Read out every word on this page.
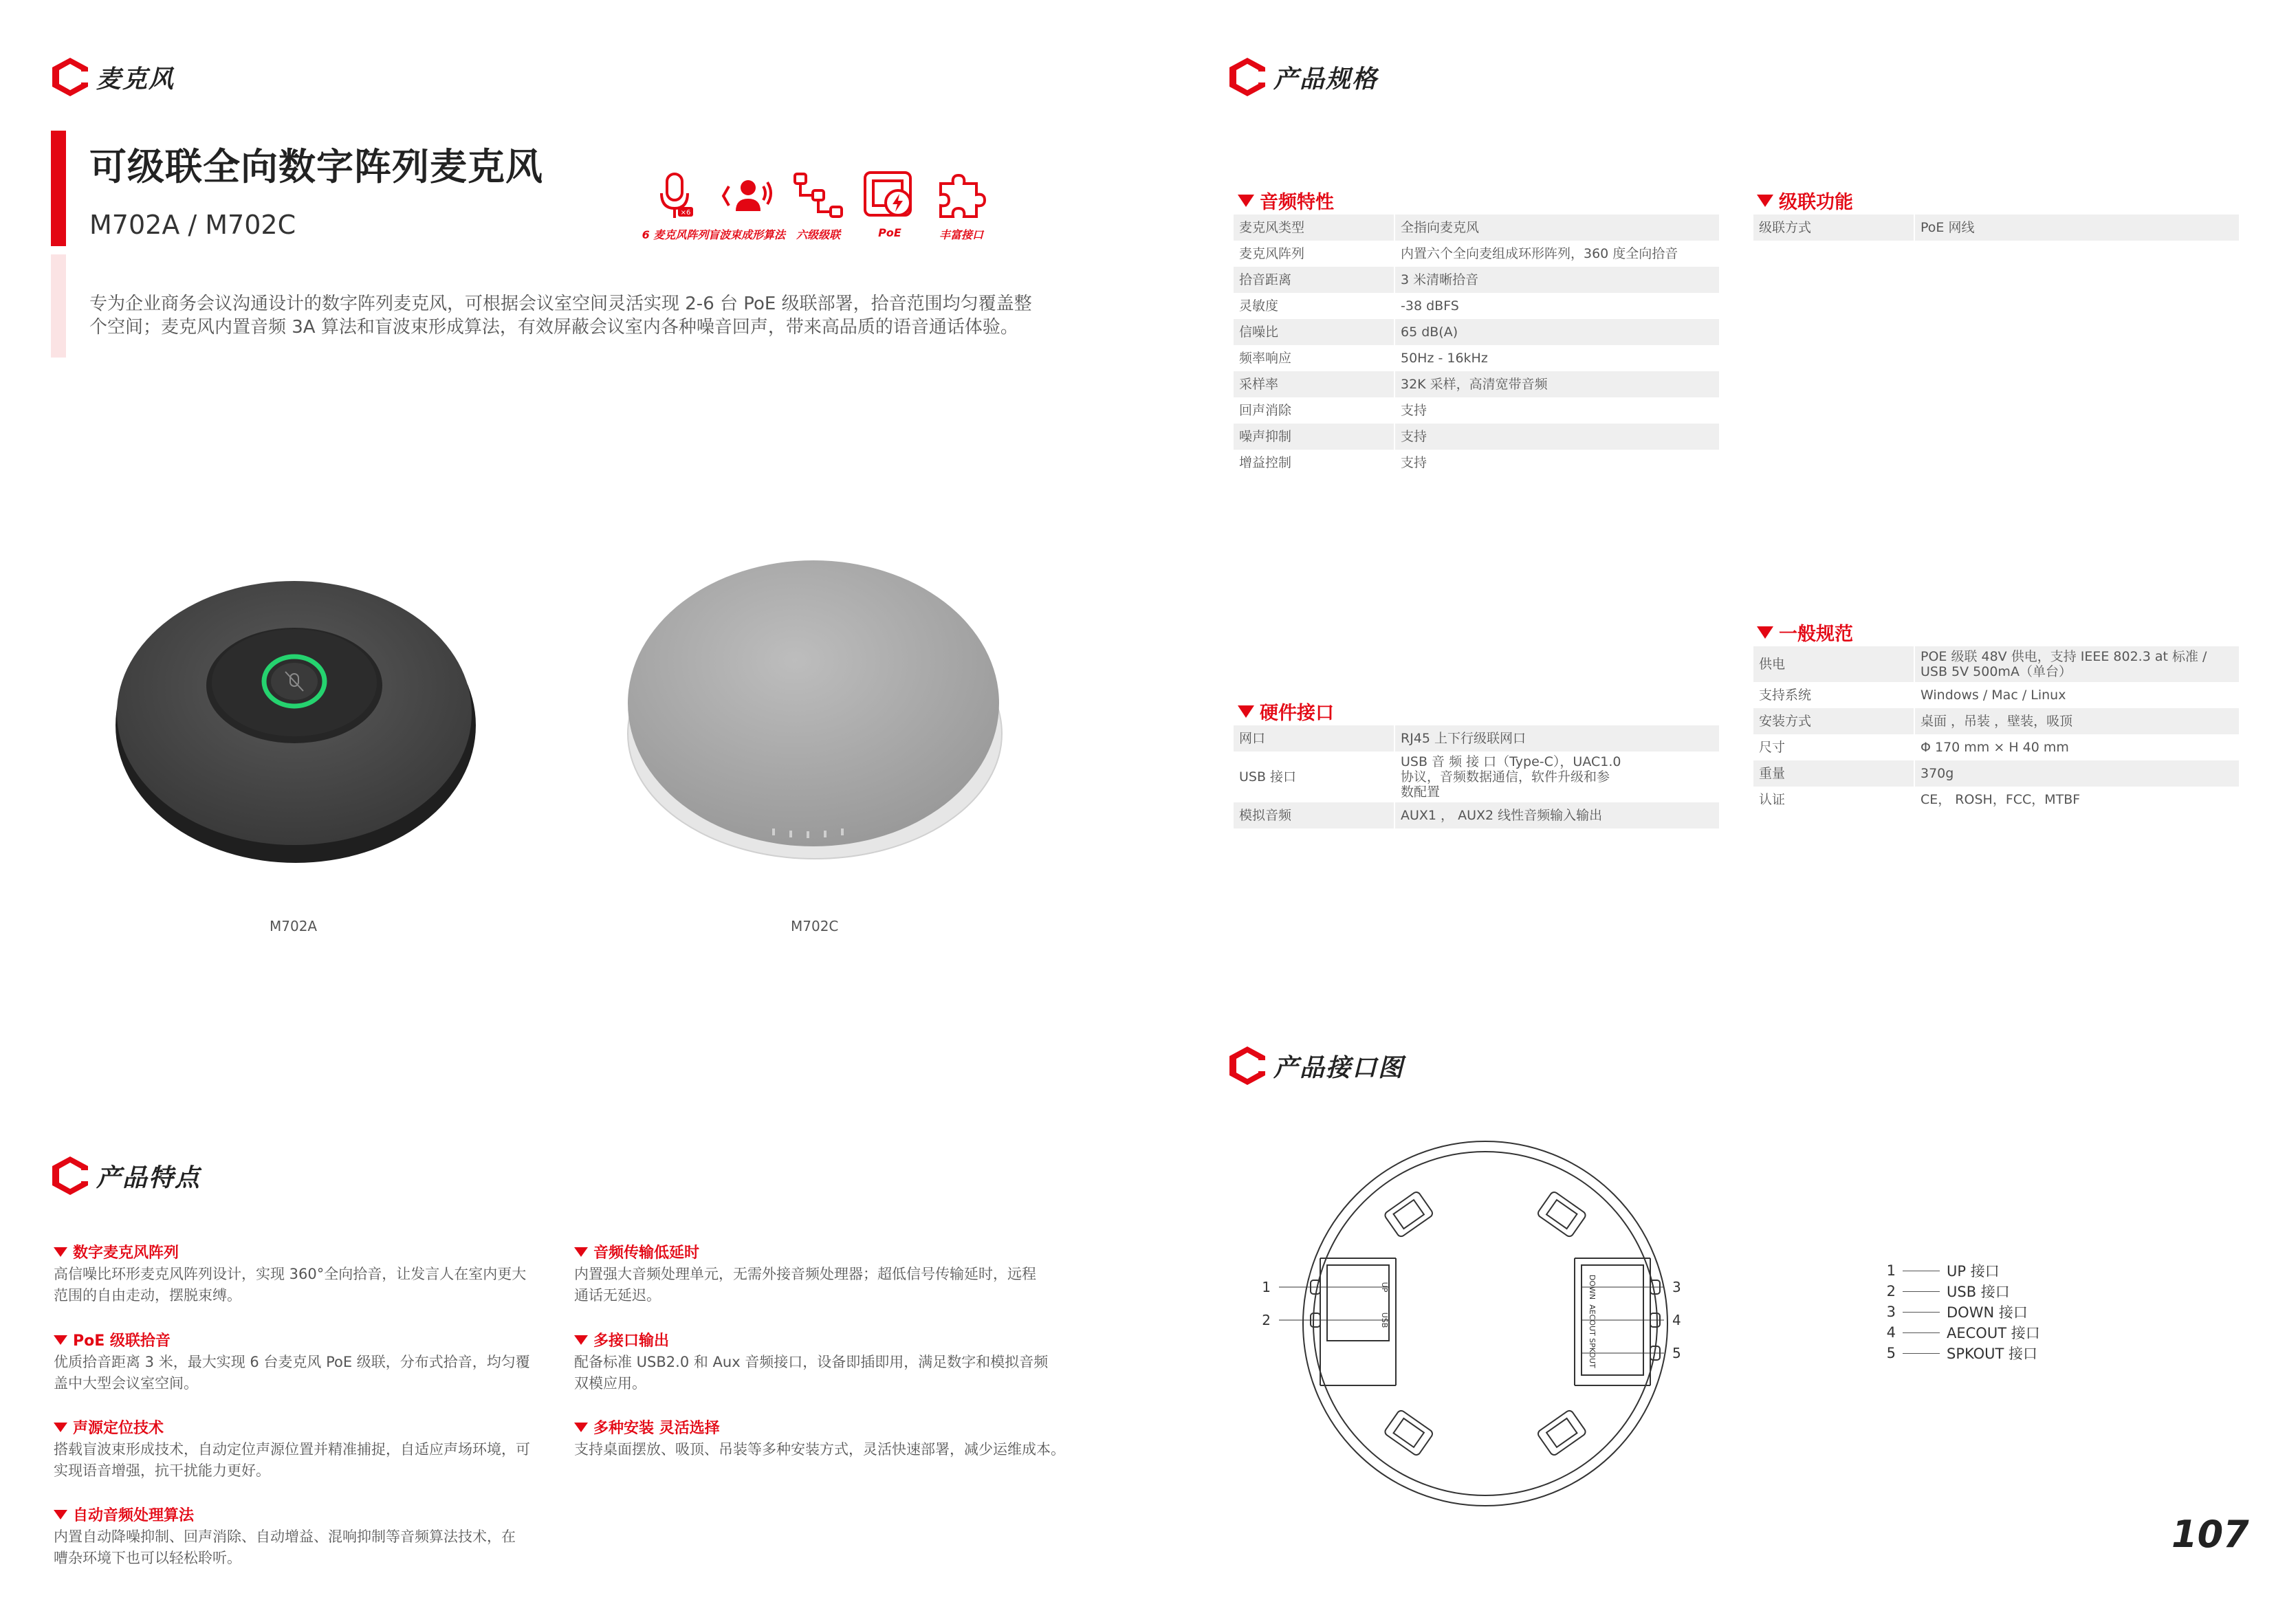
麦克风
可级联全向数字阵列麦克风
M702A / M702C	×6
6 麦克风阵列 盲波束成形算法 六级级联	PoE	丰富接口
专为企业商务会议沟通设计的数字阵列麦克风，可根据会议室空间灵活实现 2-6 台 PoE 级联部署，拾音范围均匀覆盖整
个空间；麦克风内置音频 3A 算法和盲波束形成算法，有效屏蔽会议室内各种噪音回声，带来高品质的语音通话体验。
M702A	M702C
产品特点
数字麦克风阵列
高信噪比环形麦克风阵列设计，实现 360°全向拾音，让发言人在室内更大
范围的自由走动，摆脱束缚。
PoE 级联拾音
优质拾音距离 3 米，最大实现 6 台麦克风 PoE 级联，分布式拾音，均匀覆
盖中大型会议室空间。
声源定位技术
搭载盲波束形成技术，自动定位声源位置并精准捕捉，自适应声场环境，可
实现语音增强，抗干扰能力更好。
自动音频处理算法
内置自动降噪抑制、回声消除、自动增益、混响抑制等音频算法技术，在
嘈杂环境下也可以轻松聆听。
音频传输低延时
内置强大音频处理单元，无需外接音频处理器；超低信号传输延时，远程
通话无延迟。
多接口输出
配备标准 USB2.0 和 Aux 音频接口，设备即插即用，满足数字和模拟音频
双模应用。
多种安装 灵活选择
支持桌面摆放、吸顶、吊装等多种安装方式，灵活快速部署，减少运维成本。
产品规格
音频特性
麦克风类型	全指向麦克风
麦克风阵列	内置六个全向麦组成环形阵列，360 度全向拾音
拾音距离	3 米清晰拾音
灵敏度	-38 dBFS
信噪比	65 dB(A)
频率响应	50Hz - 16kHz
采样率	32K 采样，高清宽带音频
回声消除	支持
噪声抑制	支持
增益控制	支持
级联功能
级联方式	PoE 网线
硬件接口
网口	RJ45 上下行级联网口
USB 接口	USB 音 频 接 口（Type-C），UAC1.0
协议，音频数据通信，软件升级和参
数配置
模拟音频	AUX1 ， AUX2 线性音频输入输出
一般规范
供电	POE 级联 48V 供电，支持 IEEE 802.3 at 标准 /
USB 5V 500mA（单台）
支持系统	Windows / Mac / Linux
安装方式	桌面 ，吊装 ，壁装，吸顶
尺寸	Φ 170 mm × H 40 mm
重量	370g
认证	CE， ROSH，FCC，MTBF
产品接口图
1
2
3
4
5
UP
USB
DOWN
AECOUT
SPKOUT
1	UP 接口
2	USB 接口
3	DOWN 接口
4	AECOUT 接口
5	SPKOUT 接口
107
